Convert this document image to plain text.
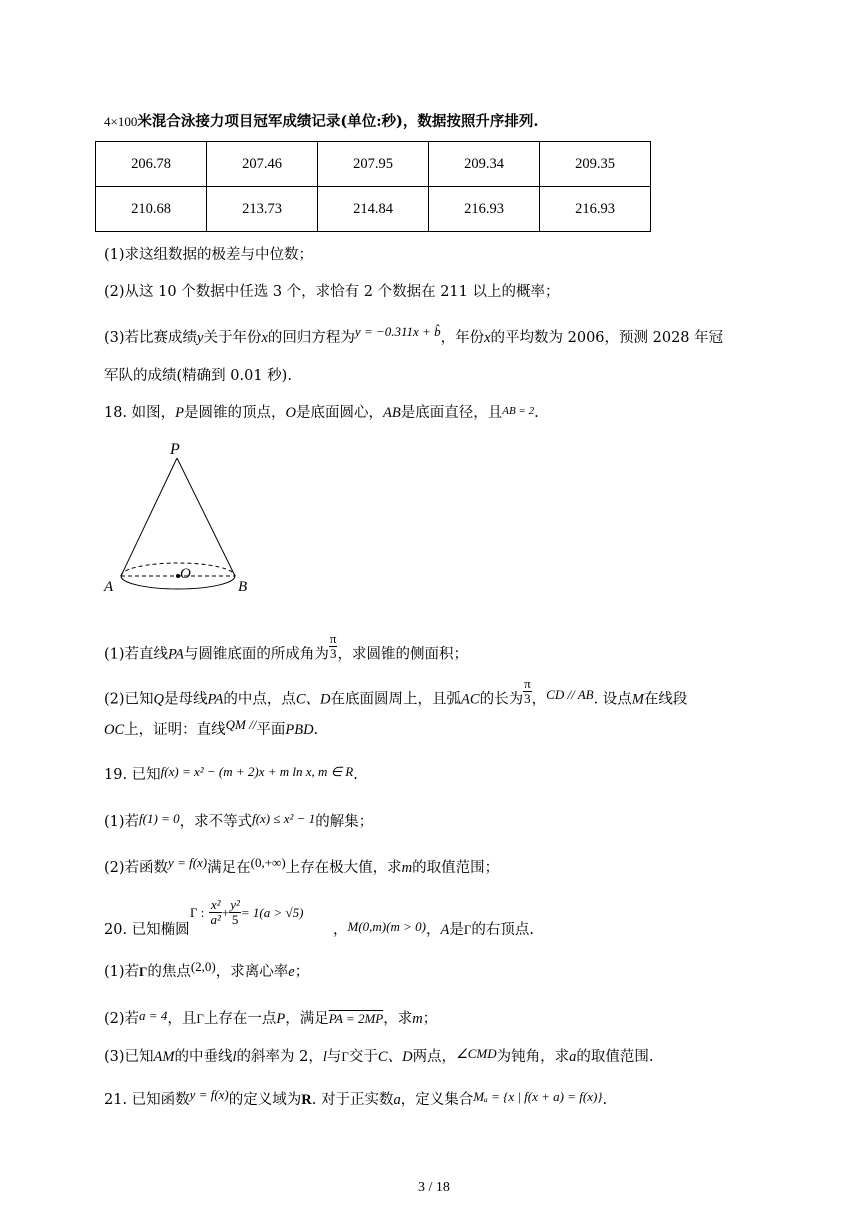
4×100米混合泳接力项目冠军成绩记录(单位:秒)，数据按照升序排列.
206.78	207.46	207.95	209.34	209.35
210.68	213.73	214.84	216.93	216.93
(1)求这组数据的极差与中位数；
(2)从这 10 个数据中任选 3 个，求恰有 2 个数据在 211 以上的概率；
(3)若比赛成绩y关于年份x的回归方程为y = −0.311x + b̂，年份x的平均数为 2006，预测 2028 年冠
军队的成绩(精确到 0.01 秒).
18. 如图，P是圆锥的顶点，O是底面圆心，AB是底面直径，且$^{AB = 2}$.
P
O
A	B
(1)若直线PA与圆锥底面的所成角为 $\frac{\pi}{3}$ ，求圆锥的侧面积；
(2)已知Q是母线PA的中点，点C、D在底面圆周上，且弧AC的长为 $\frac{\pi}{3}$ ，CD // AB. 设点M在线段
OC上，证明：直线QM //平面PBD.
19. 已知f(x) = x² − (m + 2)x + m ln x, m ∈ R.
(1)若f(1) = 0，求不等式f(x) ≤ x² − 1的解集；
(2)若函数y = f(x)满足在(0,+∞)上存在极大值，求m的取值范围；
20. 已知椭圆
Γ : $\frac{\text{x²}}{\text{a²}} + \frac{\text{y²}}{5} = 1(a > √5)$
，M(0,m)(m > 0)，A是Γ的右顶点.
(1)若Γ的焦点(2,0)，求离心率e；
(2)若a = 4，且Γ上存在一点P，满足PA = 2MP，求m；
(3)已知AM的中垂线l的斜率为 2，l与Γ交于C、D两点，∠CMD为钝角，求a的取值范围.
21. 已知函数y = f(x)的定义域为R. 对于正实数a，定义集合Mₐ = {x | f(x + a) = f(x)}.
3 / 18
